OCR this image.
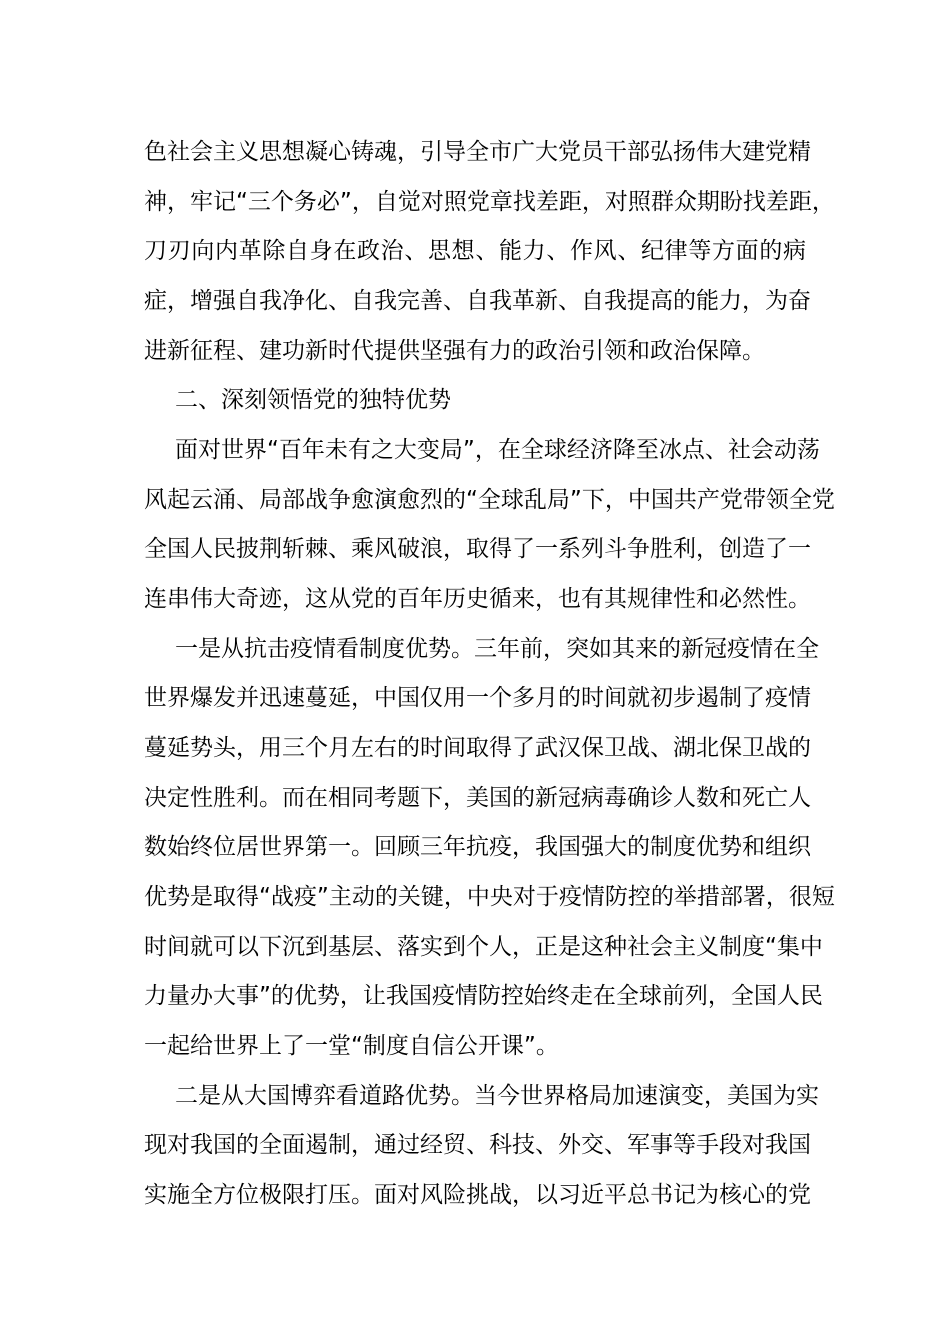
色社会主义思想凝心铸魂，引导全市广大党员干部弘扬伟大建党精
神，牢记“三个务必”，自觉对照党章找差距，对照群众期盼找差距，
刀刃向内革除自身在政治、思想、能力、作风、纪律等方面的病
症，增强自我净化、自我完善、自我革新、自我提高的能力，为奋
进新征程、建功新时代提供坚强有力的政治引领和政治保障。
二、深刻领悟党的独特优势
面对世界“百年未有之大变局”，在全球经济降至冰点、社会动荡
风起云涌、局部战争愈演愈烈的“全球乱局”下，中国共产党带领全党
全国人民披荆斩棘、乘风破浪，取得了一系列斗争胜利，创造了一
连串伟大奇迹，这从党的百年历史循来，也有其规律性和必然性。
一是从抗击疫情看制度优势。三年前，突如其来的新冠疫情在全
世界爆发并迅速蔓延，中国仅用一个多月的时间就初步遏制了疫情
蔓延势头，用三个月左右的时间取得了武汉保卫战、湖北保卫战的
决定性胜利。而在相同考题下，美国的新冠病毒确诊人数和死亡人
数始终位居世界第一。回顾三年抗疫，我国强大的制度优势和组织
优势是取得“战疫”主动的关键，中央对于疫情防控的举措部署，很短
时间就可以下沉到基层、落实到个人，正是这种社会主义制度“集中
力量办大事”的优势，让我国疫情防控始终走在全球前列，全国人民
一起给世界上了一堂“制度自信公开课”。
二是从大国博弈看道路优势。当今世界格局加速演变，美国为实
现对我国的全面遏制，通过经贸、科技、外交、军事等手段对我国
实施全方位极限打压。面对风险挑战，以习近平总书记为核心的党
